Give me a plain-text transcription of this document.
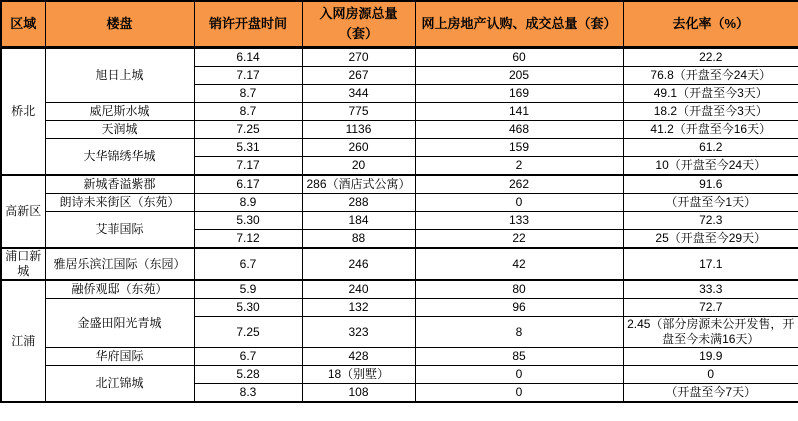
区域	楼盘	销许开盘时间	入网房源总量（套）	网上房地产认购、成交总量（套）	去化率（%）
桥北	旭日上城	6.14	270	60	22.2
		7.17	267	205	76.8（开盘至今24天）
		8.7	344	169	49.1（开盘至今3天）
	威尼斯水城	8.7	775	141	18.2（开盘至今3天）
	天润城	7.25	1136	468	41.2（开盘至今16天）
	大华锦绣华城	5.31	260	159	61.2
		7.17	20	2	10（开盘至今24天）
高新区	新城香溢紫郡	6.17	286（酒店式公寓）	262	91.6
	朗诗未来街区（东苑）	8.9	288	0	（开盘至今1天）
	艾菲国际	5.30	184	133	72.3
		7.12	88	22	25（开盘至今29天）
浦口新城	雅居乐滨江国际（东园）	6.7	246	42	17.1
江浦	融侨观邸（东苑）	5.9	240	80	33.3
	金盛田阳光青城	5.30	132	96	72.7
		7.25	323	8	2.45（部分房源未公开发售，开盘至今未满16天）
	华府国际	6.7	428	85	19.9
	北江锦城	5.28	18（别墅）	0	0
		8.3	108	0	（开盘至今7天）
